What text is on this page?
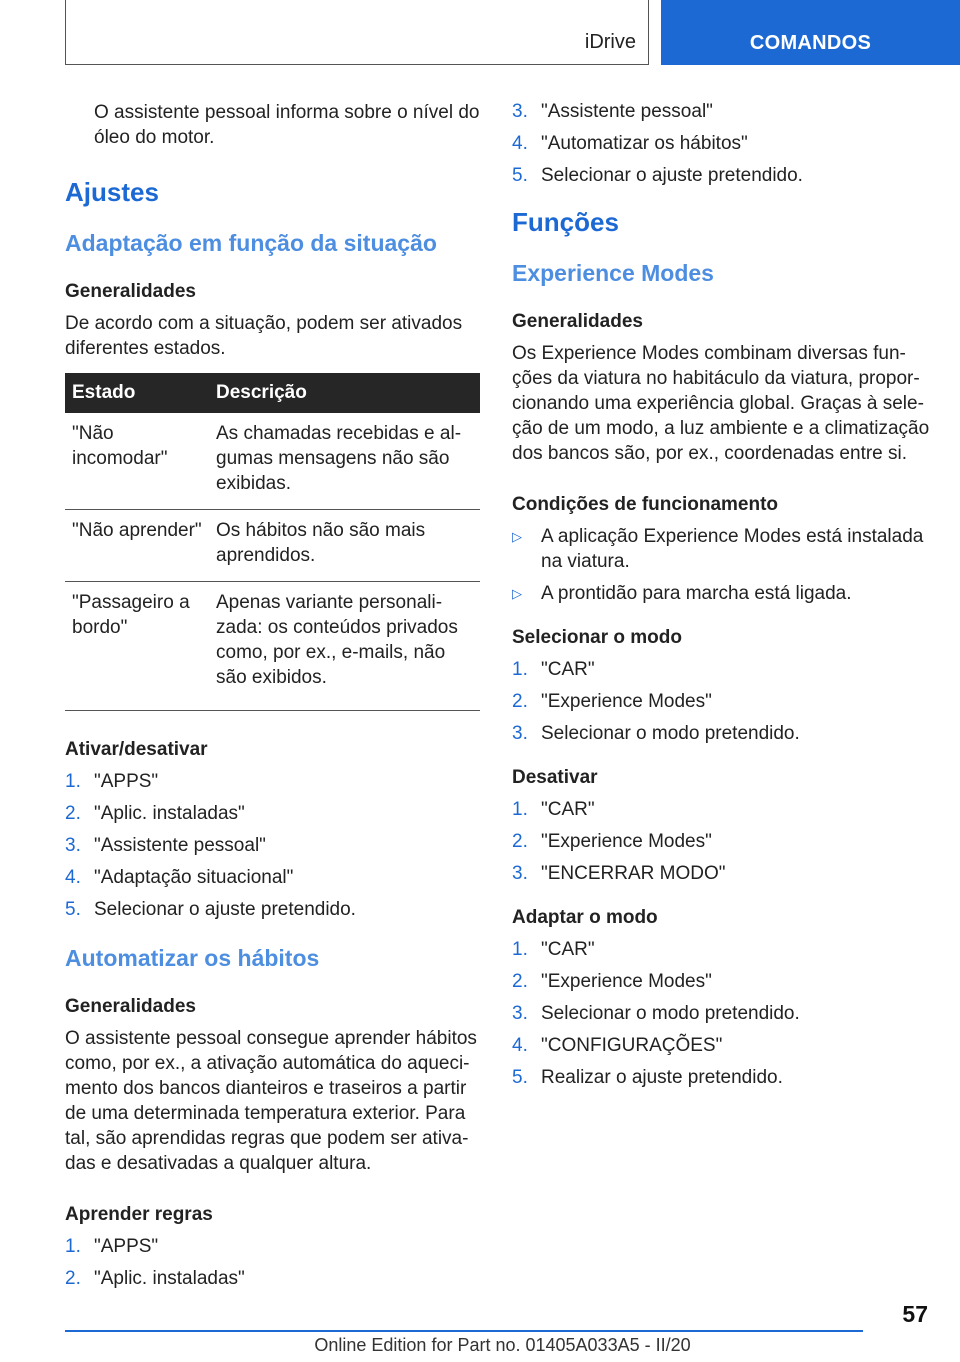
iDrive	COMANDOS

O assistente pessoal informa sobre o nível do óleo do motor.

Ajustes
Adaptação em função da situação
Generalidades

De acordo com a situação, podem ser ativados diferentes estados.

Estado	Descrição
"Não incomodar"	As chamadas recebidas e al-gumas mensagens não são exibidas.
"Não aprender"	Os hábitos não são mais aprendidos.
"Passageiro a bordo"	Apenas variante personali-zada: os conteúdos privados como, por ex., e-mails, não são exibidos.
Ativar/desativar
1. "APPS"
2. "Aplic. instaladas"
3. "Assistente pessoal"
4. "Adaptação situacional"
5. Selecionar o ajuste pretendido.
Automatizar os hábitos
Generalidades

O assistente pessoal consegue aprender hábitos como, por ex., a ativação automática do aqueci-mento dos bancos dianteiros e traseiros a partir de uma determinada temperatura exterior. Para tal, são aprendidas regras que podem ser ativa-das e desativadas a qualquer altura.

Aprender regras
1. "APPS"
2. "Aplic. instaladas"
3. "Assistente pessoal"
4. "Automatizar os hábitos"
5. Selecionar o ajuste pretendido.
Funções
Experience Modes
Generalidades

Os Experience Modes combinam diversas fun-ções da viatura no habitáculo da viatura, propor-cionando uma experiência global. Graças à sele-ção de um modo, a luz ambiente e a climatização dos bancos são, por ex., coordenadas entre si.

Condições de funcionamento
▷	A aplicação Experience Modes está instalada na viatura.
▷	A prontidão para marcha está ligada.
Selecionar o modo
1. "CAR"
2. "Experience Modes"
3. Selecionar o modo pretendido.
Desativar
1. "CAR"
2. "Experience Modes"
3. "ENCERRAR MODO"
Adaptar o modo
1. "CAR"
2. "Experience Modes"
3. Selecionar o modo pretendido.
4. "CONFIGURAÇÕES"
5. Realizar o ajuste pretendido.
57
Online Edition for Part no. 01405A033A5 - II/20
